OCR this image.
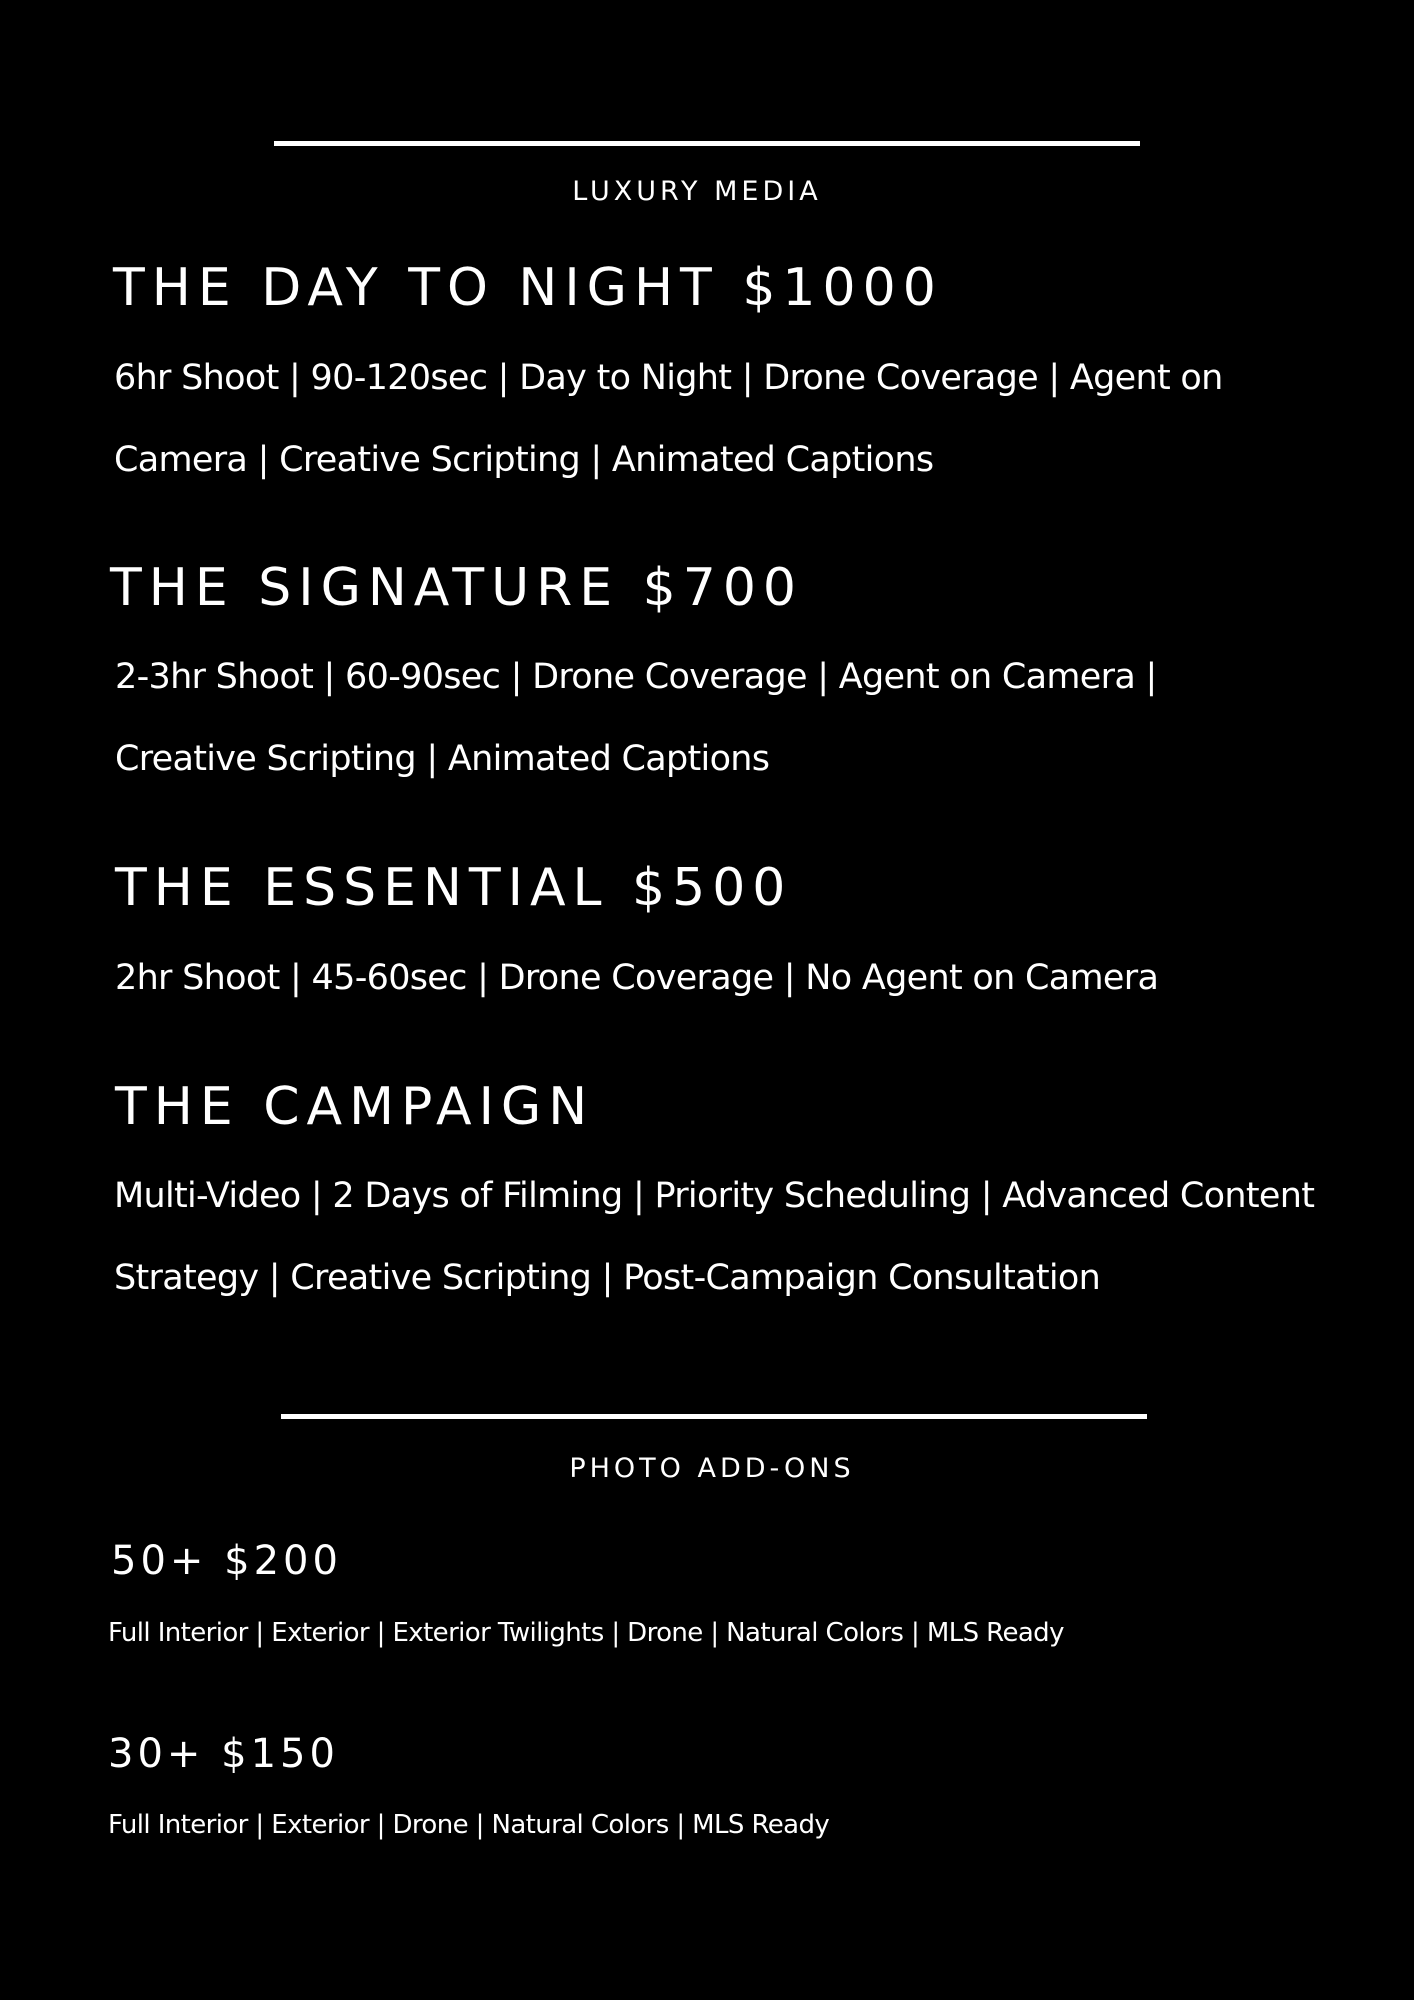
LUXURY MEDIA
THE DAY TO NIGHT $1000

6hr Shoot | 90-120sec | Day to Night | Drone Coverage | Agent on
Camera | Creative Scripting | Animated Captions

THE SIGNATURE $700

2-3hr Shoot | 60-90sec | Drone Coverage | Agent on Camera |
Creative Scripting | Animated Captions

THE ESSENTIAL $500

2hr Shoot | 45-60sec | Drone Coverage | No Agent on Camera

THE CAMPAIGN

Multi-Video | 2 Days of Filming | Priority Scheduling | Advanced Content
Strategy | Creative Scripting | Post-Campaign Consultation

PHOTO ADD-ONS
50+ $200

Full Interior | Exterior | Exterior Twilights | Drone | Natural Colors | MLS Ready

30+ $150

Full Interior | Exterior | Drone | Natural Colors | MLS Ready
